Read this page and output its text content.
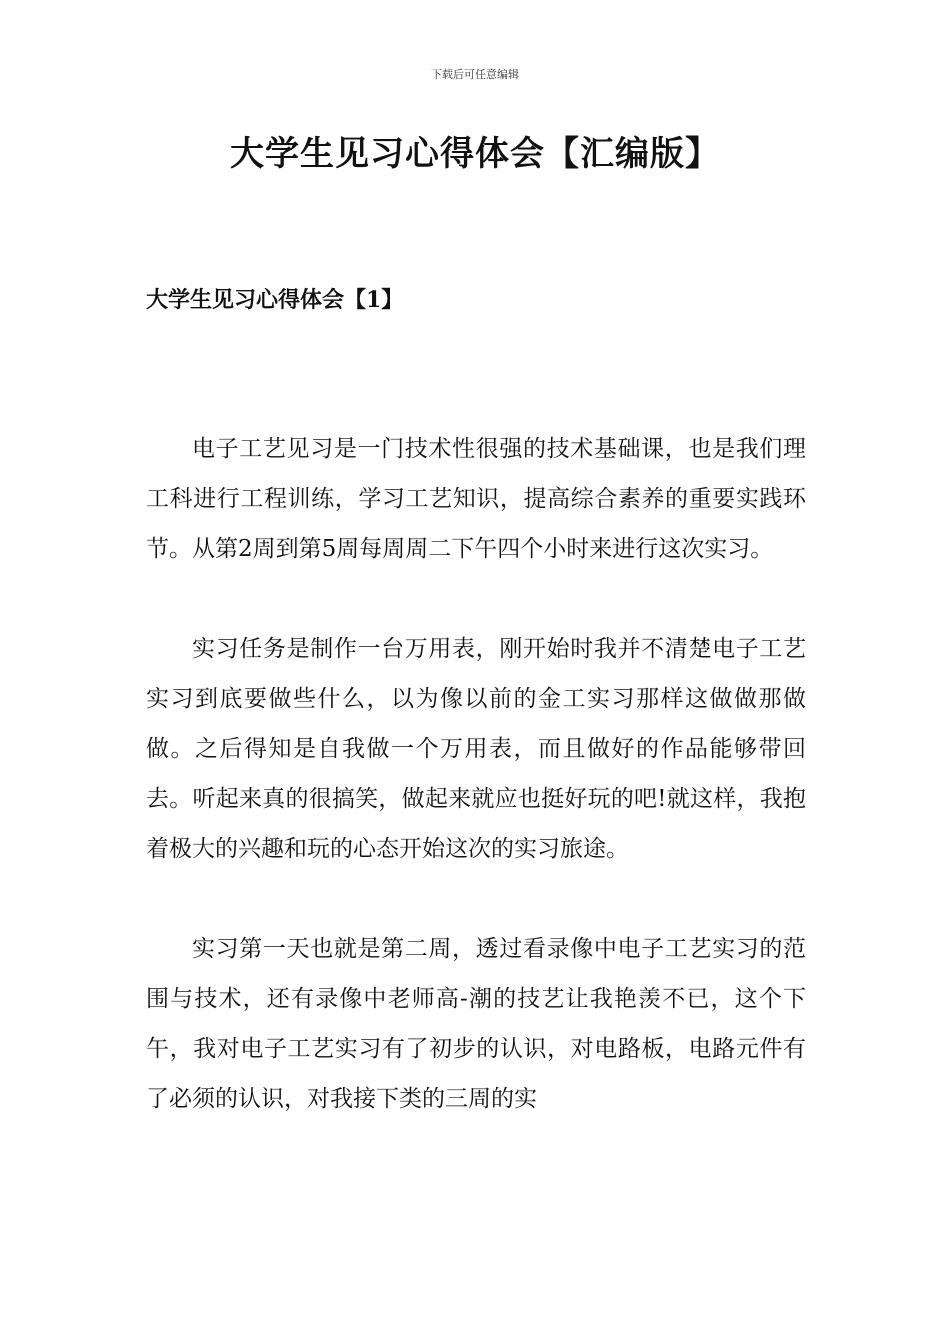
下载后可任意编辑
大学生见习心得体会【汇编版】
大学生见习心得体会【1】

电子工艺见习是一门技术性很强的技术基础课，也是我们理工科进行工程训练，学习工艺知识，提高综合素养的重要实践环节。从第2周到第5周每周周二下午四个小时来进行这次实习。

实习任务是制作一台万用表，刚开始时我并不清楚电子工艺实习到底要做些什么，以为像以前的金工实习那样这做做那做做。之后得知是自我做一个万用表，而且做好的作品能够带回去。听起来真的很搞笑，做起来就应也挺好玩的吧!就这样，我抱着极大的兴趣和玩的心态开始这次的实习旅途。

实习第一天也就是第二周，透过看录像中电子工艺实习的范围与技术，还有录像中老师高-潮的技艺让我艳羡不已，这个下午，我对电子工艺实习有了初步的认识，对电路板，电路元件有了必须的认识，对我接下类的三周的实
